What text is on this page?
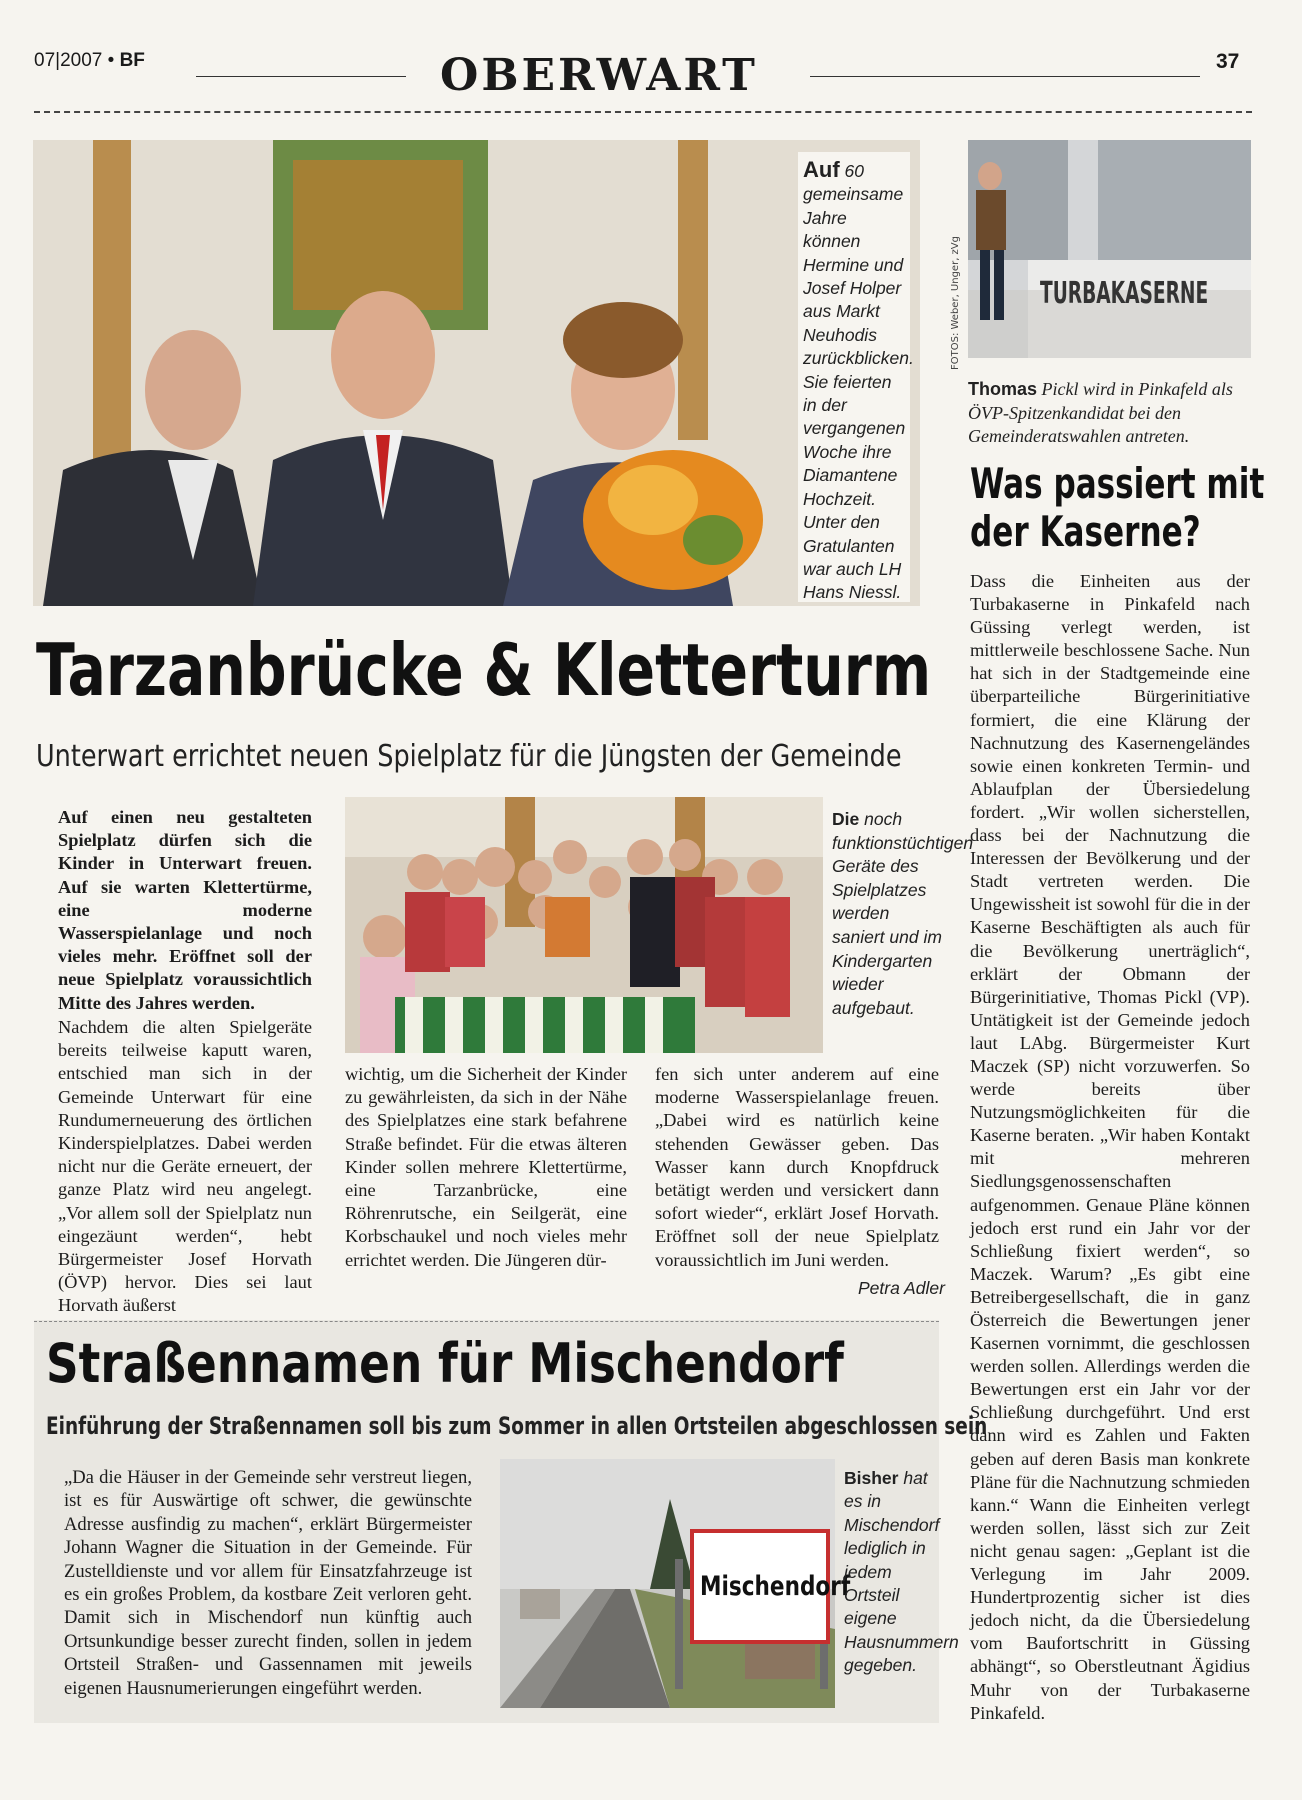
07|2007 • BF	OBERWART	37
Auf 60 gemeinsame Jahre können Hermine und Josef Holper aus Markt Neuhodis zurückblicken. Sie feierten in der vergangenen Woche ihre Diamantene Hochzeit. Unter den Gratulanten war auch LH Hans Niessl.
Tarzanbrücke & Kletterturm
Unterwart errichtet neuen Spielplatz für die Jüngsten der Gemeinde

Auf einen neu gestalteten Spielplatz dürfen sich die Kinder in Unterwart freuen. Auf sie warten Klettertürme, eine moderne Wasserspielanlage und noch vieles mehr. Eröffnet soll der neue Spielplatz voraussichtlich Mitte des Jahres werden.

Die noch funktionstüchtigen Geräte des Spielplatzes werden saniert und im Kindergarten wieder aufgebaut.

Nachdem die alten Spielgeräte bereits teilweise kaputt waren, entschied man sich in der Gemeinde Unterwart für eine Rundumerneuerung des örtlichen Kinderspielplatzes. Dabei werden nicht nur die Geräte erneuert, der ganze Platz wird neu angelegt. „Vor allem soll der Spielplatz nun eingezäunt werden“, hebt Bürgermeister Josef Horvath (ÖVP) hervor. Dies sei laut Horvath äußerst

wichtig, um die Sicherheit der Kinder zu gewährleisten, da sich in der Nähe des Spielplatzes eine stark befahrene Straße befindet. Für die etwas älteren Kinder sollen mehrere Klettertürme, eine Tarzanbrücke, eine Röhrenrutsche, ein Seilgerät, eine Korbschaukel und noch vieles mehr errichtet werden. Die Jüngeren dür-

fen sich unter anderem auf eine moderne Wasserspielanlage freuen. „Dabei wird es natürlich keine stehenden Gewässer geben. Das Wasser kann durch Knopfdruck betätigt werden und versickert dann sofort wieder“, erklärt Josef Horvath. Eröffnet soll der neue Spielplatz voraussichtlich im Juni werden.

Petra Adler
Straßennamen für Mischendorf
Einführung der Straßennamen soll bis zum Sommer in allen Ortsteilen abgeschlossen sein

„Da die Häuser in der Gemeinde sehr verstreut liegen, ist es für Auswärtige oft schwer, die gewünschte Adresse ausfindig zu machen“, erklärt Bürgermeister Johann Wagner die Situation in der Gemeinde. Für Zustelldienste und vor allem für Einsatzfahrzeuge ist es ein großes Problem, da kostbare Zeit verloren geht. Damit sich in Mischendorf nun künftig auch Ortsunkundige besser zurecht finden, sollen in jedem Ortsteil Straßen- und Gassennamen mit jeweils eigenen Hausnumerierungen eingeführt werden.

Mischendorf
Bisher hat es in Mischendorf lediglich in jedem Ortsteil eigene Hausnummern gegeben.
TURBAKASERNE
FOTOS: Weber, Unger, zVg
Thomas Pickl wird in Pinkafeld als ÖVP-Spitzenkandidat bei den Gemeinderatswahlen antreten.
Was passiert mit
der Kaserne?

Dass die Einheiten aus der Turbakaserne in Pinkafeld nach Güssing verlegt werden, ist mittlerweile beschlossene Sache. Nun hat sich in der Stadtgemeinde eine überparteiliche Bürgerinitiative formiert, die eine Klärung der Nachnutzung des Kasernengeländes sowie einen konkreten Termin- und Ablaufplan der Übersiedelung fordert. „Wir wollen sicherstellen, dass bei der Nachnutzung die Interessen der Bevölkerung und der Stadt vertreten werden. Die Ungewissheit ist sowohl für die in der Kaserne Beschäftigten als auch für die Bevölkerung unerträglich“, erklärt der Obmann der Bürgerinitiative, Thomas Pickl (VP). Untätigkeit ist der Gemeinde jedoch laut LAbg. Bürgermeister Kurt Maczek (SP) nicht vorzuwerfen. So werde bereits über Nutzungsmöglichkeiten für die Kaserne beraten. „Wir haben Kontakt mit mehreren Siedlungsgenossenschaften aufgenommen. Genaue Pläne können jedoch erst rund ein Jahr vor der Schließung fixiert werden“, so Maczek. Warum? „Es gibt eine Betreibergesellschaft, die in ganz Österreich die Bewertungen jener Kasernen vornimmt, die geschlossen werden sollen. Allerdings werden die Bewertungen erst ein Jahr vor der Schließung durchgeführt. Und erst dann wird es Zahlen und Fakten geben auf deren Basis man konkrete Pläne für die Nachnutzung schmieden kann.“ Wann die Einheiten verlegt werden sollen, lässt sich zur Zeit nicht genau sagen: „Geplant ist die Verlegung im Jahr 2009. Hundertprozentig sicher ist dies jedoch nicht, da die Übersiedelung vom Baufortschritt in Güssing abhängt“, so Oberstleutnant Ägidius Muhr von der Turbakaserne Pinkafeld.
